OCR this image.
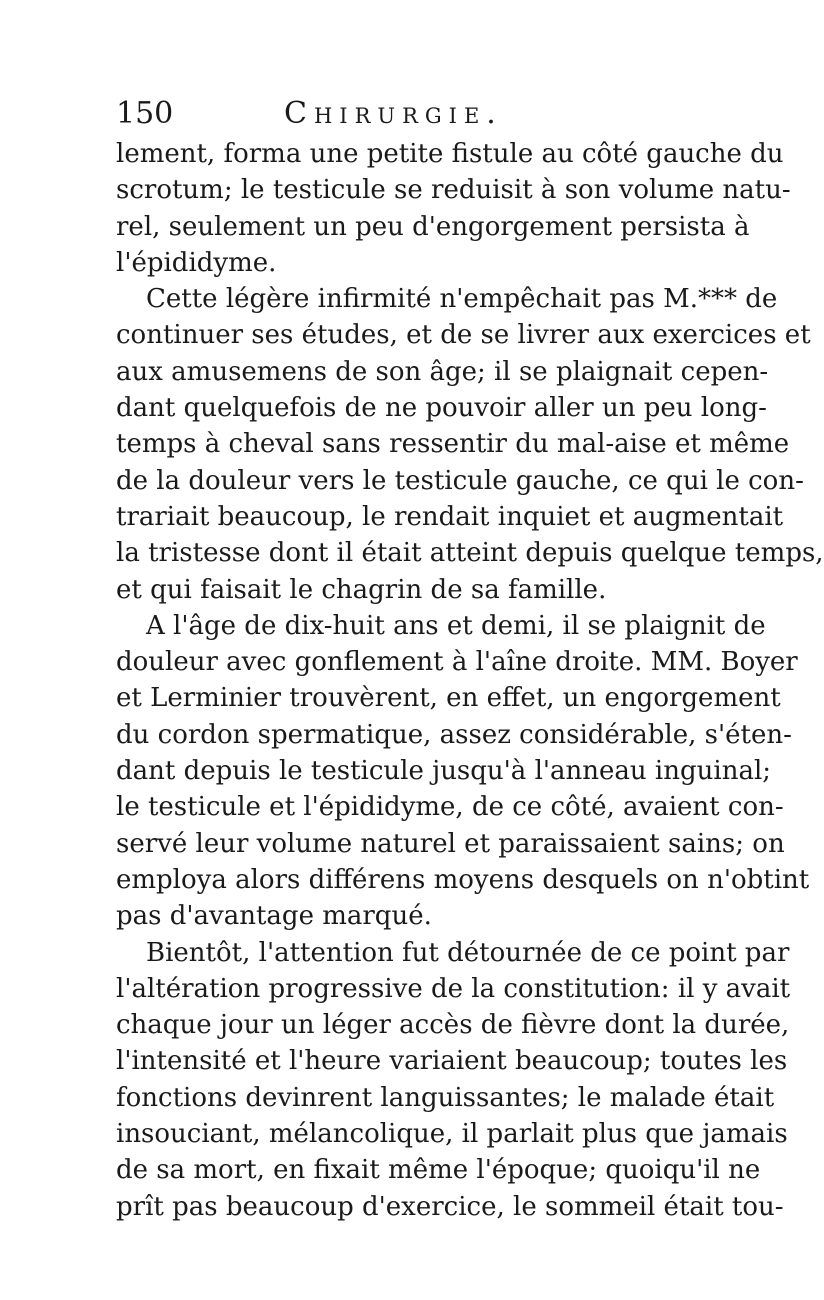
150	Chirurgie.
lement, forma une petite fistule au côté gauche du
scrotum; le testicule se reduisit à son volume natu-
rel, seulement un peu d'engorgement persista à
l'épididyme.
Cette légère infirmité n'empêchait pas M.*** de
continuer ses études, et de se livrer aux exercices et
aux amusemens de son âge; il se plaignait cepen-
dant quelquefois de ne pouvoir aller un peu long-
temps à cheval sans ressentir du mal-aise et même
de la douleur vers le testicule gauche, ce qui le con-
trariait beaucoup, le rendait inquiet et augmentait
la tristesse dont il était atteint depuis quelque temps,
et qui faisait le chagrin de sa famille.
A l'âge de dix-huit ans et demi, il se plaignit de
douleur avec gonflement à l'aîne droite. MM. Boyer
et Lerminier trouvèrent, en effet, un engorgement
du cordon spermatique, assez considérable, s'éten-
dant depuis le testicule jusqu'à l'anneau inguinal;
le testicule et l'épididyme, de ce côté, avaient con-
servé leur volume naturel et paraissaient sains; on
employa alors différens moyens desquels on n'obtint
pas d'avantage marqué.
Bientôt, l'attention fut détournée de ce point par
l'altération progressive de la constitution: il y avait
chaque jour un léger accès de fièvre dont la durée,
l'intensité et l'heure variaient beaucoup; toutes les
fonctions devinrent languissantes; le malade était
insouciant, mélancolique, il parlait plus que jamais
de sa mort, en fixait même l'époque; quoiqu'il ne
prît pas beaucoup d'exercice, le sommeil était tou-
